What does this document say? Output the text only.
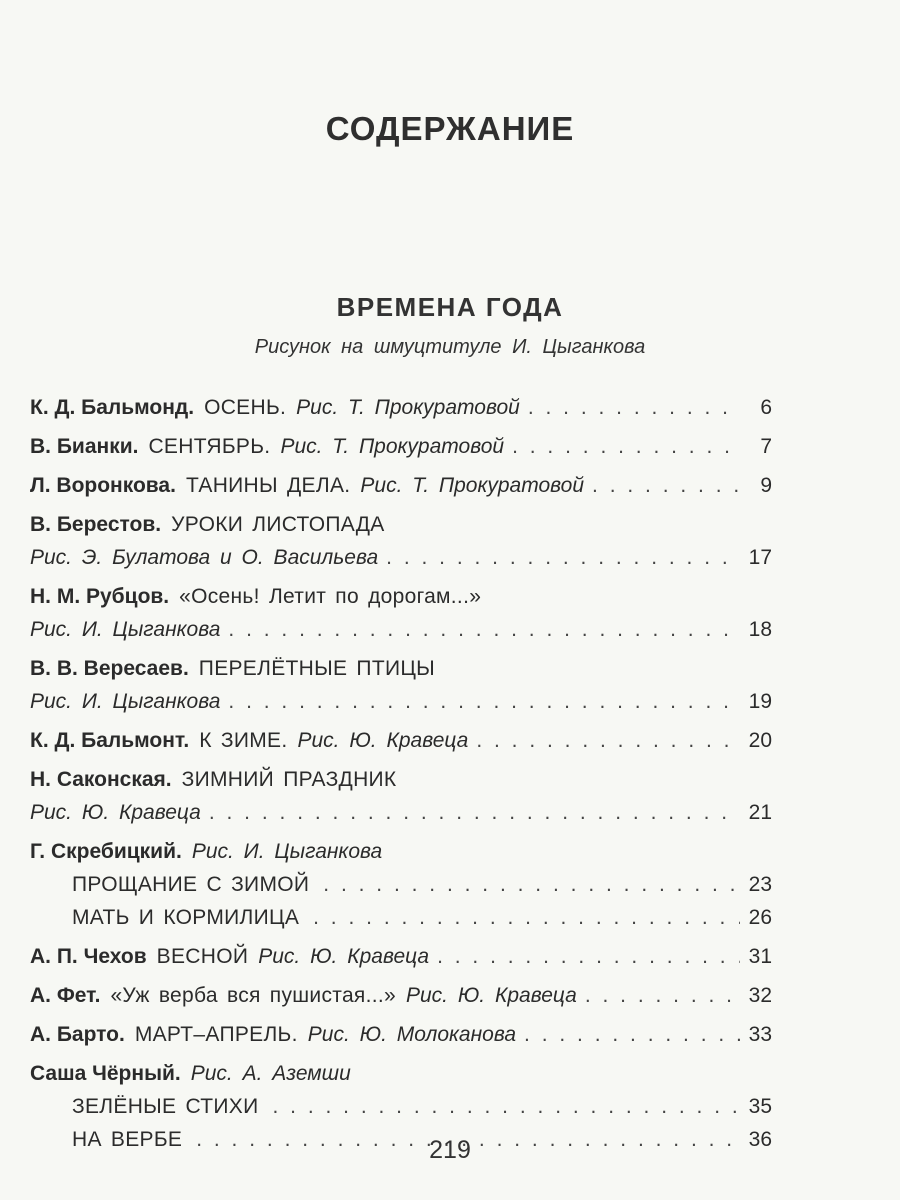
СОДЕРЖАНИЕ
ВРЕМЕНА ГОДА
Рисунок на шмуцтитуле И. Цыганкова
К. Д. Бальмонд. ОСЕНЬ. Рис. Т. Прокуратовой . . .	6
В. Бианки. СЕНТЯБРЬ. Рис. Т. Прокуратовой . . .	7
Л. Воронкова. ТАНИНЫ ДЕЛА. Рис. Т. Прокуратовой . . .	9
В. Берестов. УРОКИ ЛИСТОПАДА
Рис. Э. Булатова и О. Васильева . . .	17
Н. М. Рубцов. «Осень! Летит по дорогам...»
Рис. И. Цыганкова . . .	18
В. В. Вересаев. ПЕРЕЛЁТНЫЕ ПТИЦЫ
Рис. И. Цыганкова . . .	19
К. Д. Бальмонт. К ЗИМЕ. Рис. Ю. Кравеца . . .	20
Н. Саконская. ЗИМНИЙ ПРАЗДНИК
Рис. Ю. Кравеца . . .	21
Г. Скребицкий. Рис. И. Цыганкова
ПРОЩАНИЕ С ЗИМОЙ . . .	23
МАТЬ И КОРМИЛИЦА . . .	26
А. П. Чехов ВЕСНОЙ Рис. Ю. Кравеца . . .	31
А. Фет. «Уж верба вся пушистая...» Рис. Ю. Кравеца . . .	32
А. Барто. МАРТ–АПРЕЛЬ. Рис. Ю. Молоканова . . .	33
Саша Чёрный. Рис. А. Аземши
ЗЕЛЁНЫЕ СТИХИ . . .	35
НА ВЕРБЕ . . .	36
219
